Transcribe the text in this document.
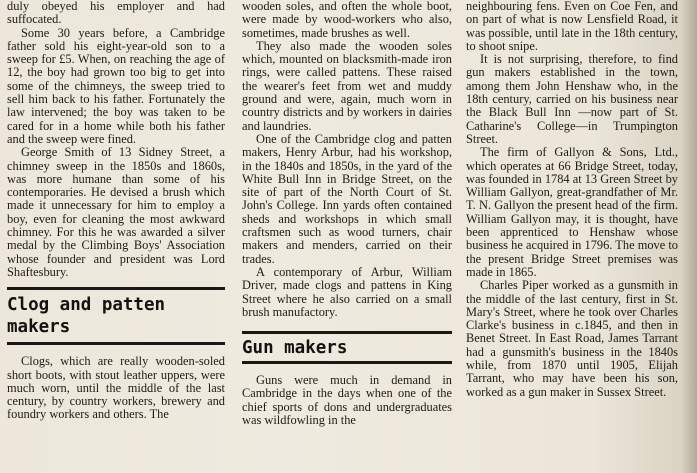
duly obeyed his employer and had suffocated.

Some 30 years before, a Cambridge father sold his eight-year-old son to a sweep for £5. When, on reaching the age of 12, the boy had grown too big to get into some of the chimneys, the sweep tried to sell him back to his father. Fortunately the law intervened; the boy was taken to be cared for in a home while both his father and the sweep were fined.

George Smith of 13 Sidney Street, a chimney sweep in the 1850s and 1860s, was more humane than some of his contemporaries. He devised a brush which made it unnecessary for him to employ a boy, even for cleaning the most awkward chimney. For this he was awarded a silver medal by the Climbing Boys' Association whose founder and president was Lord Shaftesbury.

Clog and patten makers

Clogs, which are really wooden-soled short boots, with stout leather uppers, were much worn, until the middle of the last century, by country workers, brewery and foundry workers and others. The

wooden soles, and often the whole boot, were made by wood-workers who also, sometimes, made brushes as well.

They also made the wooden soles which, mounted on blacksmith-made iron rings, were called pattens. These raised the wearer's feet from wet and muddy ground and were, again, much worn in country districts and by workers in dairies and laundries.

One of the Cambridge clog and patten makers, Henry Arbur, had his workshop, in the 1840s and 1850s, in the yard of the White Bull Inn in Bridge Street, on the site of part of the North Court of St. John's College. Inn yards often contained sheds and workshops in which small craftsmen such as wood turners, chair makers and menders, carried on their trades.

A contemporary of Arbur, William Driver, made clogs and pattens in King Street where he also carried on a small brush manufactory.

Gun makers

Guns were much in demand in Cambridge in the days when one of the chief sports of dons and undergraduates was wildfowling in the

neighbouring fens. Even on Coe Fen, and on part of what is now Lensfield Road, it was possible, until late in the 18th century, to shoot snipe.

It is not surprising, therefore, to find gun makers established in the town, among them John Henshaw who, in the 18th century, carried on his business near the Black Bull Inn —now part of St. Catharine's College—in Trumpington Street.

The firm of Gallyon & Sons, Ltd., which operates at 66 Bridge Street, today, was founded in 1784 at 13 Green Street by William Gallyon, great-grandfather of Mr. T. N. Gallyon the present head of the firm. William Gallyon may, it is thought, have been apprenticed to Henshaw whose business he acquired in 1796. The move to the present Bridge Street premises was made in 1865.

Charles Piper worked as a gunsmith in the middle of the last century, first in St. Mary's Street, where he took over Charles Clarke's business in c.1845, and then in Benet Street. In East Road, James Tarrant had a gunsmith's business in the 1840s while, from 1870 until 1905, Elijah Tarrant, who may have been his son, worked as a gun maker in Sussex Street.
